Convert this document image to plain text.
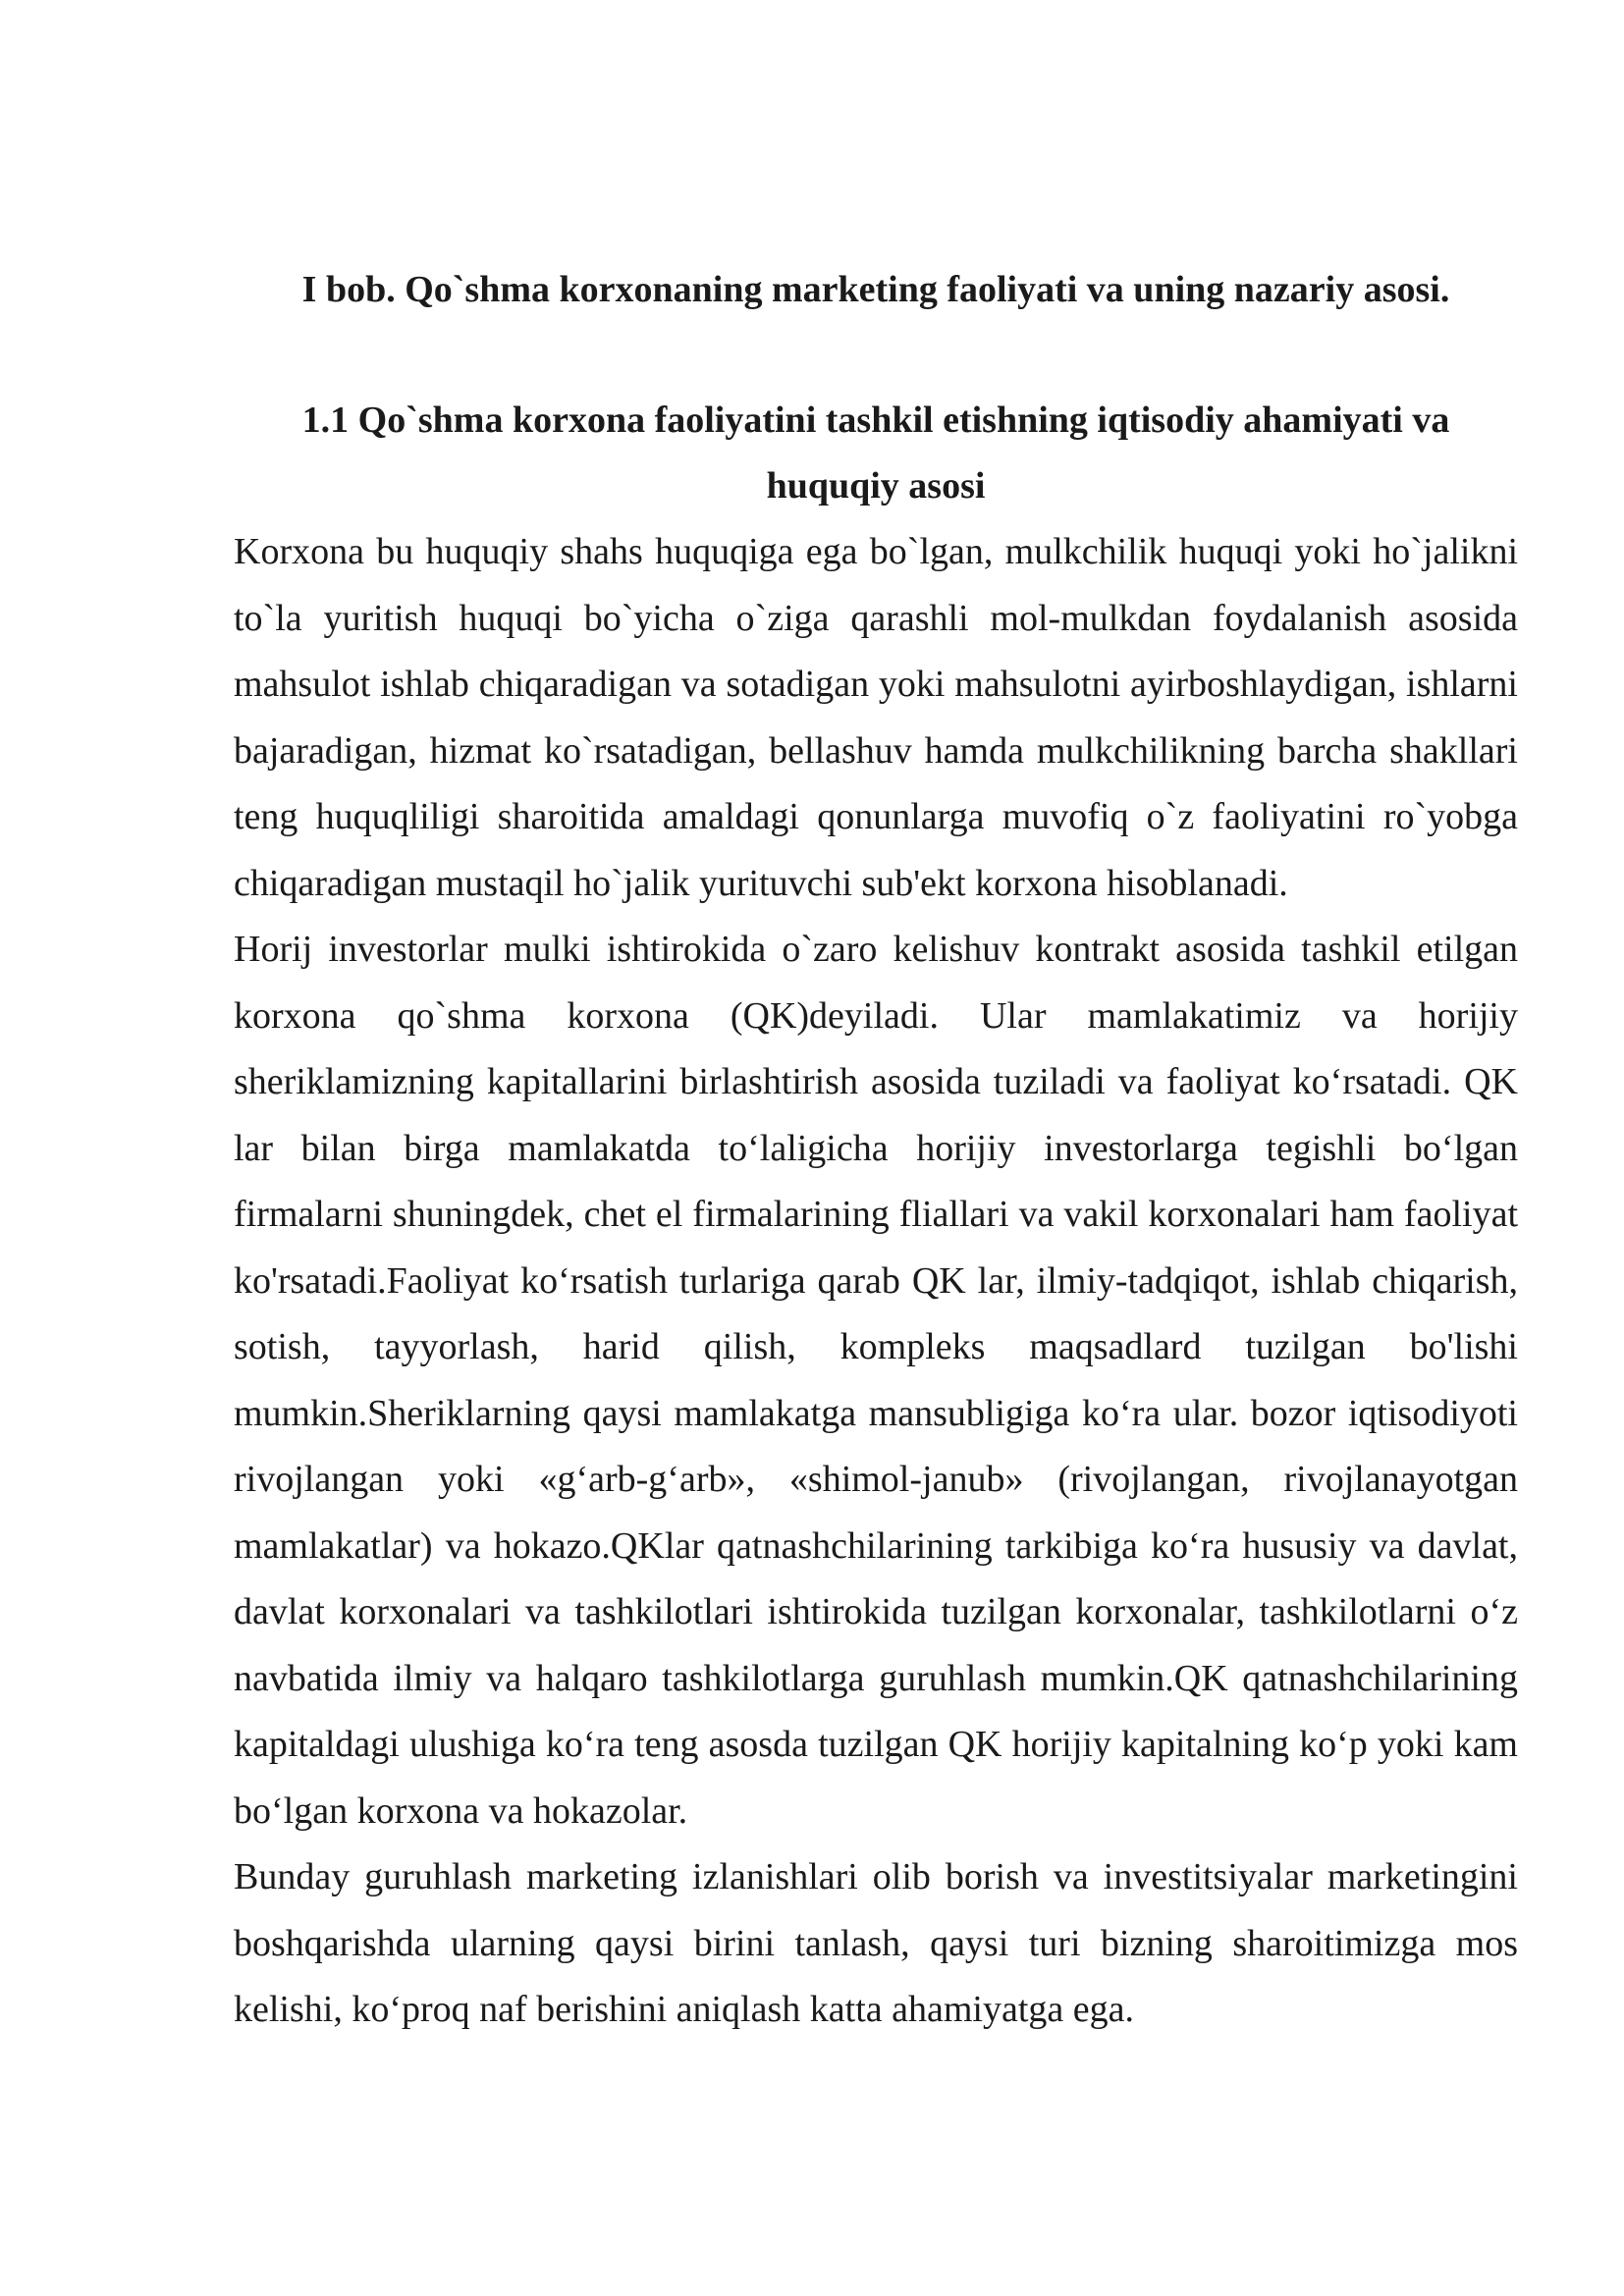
I bob. Qo`shma korxonaning marketing faoliyati va uning nazariy asosi.
1.1 Qo`shma korxona faoliyatini tashkil etishning iqtisodiy ahamiyati va
huquqiy asosi

Korxona bu huquqiy shahs huquqiga ega bo`lgan, mulkchilik huquqi yoki ho`jalikni to`la yuritish huquqi bo`yicha o`ziga qarashli mol-mulkdan foydalanish asosida mahsulot ishlab chiqaradigan va sotadigan yoki mahsulotni ayirboshlaydigan, ishlarni bajaradigan, hizmat ko`rsatadigan, bellashuv hamda mulkchilikning barcha shakllari teng huquqliligi sharoitida amaldagi qonunlarga muvofiq o`z faoliyatini ro`yobga chiqaradigan mustaqil ho`jalik yurituvchi sub'ekt korxona hisoblanadi.

Horij investorlar mulki ishtirokida o`zaro kelishuv kontrakt asosida tashkil etilgan korxona qo`shma korxona (QK)deyiladi. Ular mamlakatimiz va horijiy sheriklamizning kapitallarini birlashtirish asosida tuziladi va faoliyat ko‘rsatadi. QK lar bilan birga mamlakatda to‘laligicha horijiy investorlarga tegishli bo‘lgan firmalarni shuningdek, chet el firmalarining fliallari va vakil korxonalari ham faoliyat ko'rsatadi.Faoliyat ko‘rsatish turlariga qarab QK lar, ilmiy-tadqiqot, ishlab chiqarish, sotish, tayyorlash, harid qilish, kompleks maqsadlard tuzilgan bo'lishi mumkin.Sheriklarning qaysi mamlakatga mansubligiga ko‘ra ular. bozor iqtisodiyoti rivojlangan yoki «g‘arb-g‘arb», «shimol-janub» (rivojlangan, rivojlanayotgan mamlakatlar) va hokazo.QKlar qatnashchilarining tarkibiga ko‘ra hususiy va davlat, davlat korxonalari va tashkilotlari ishtirokida tuzilgan korxonalar, tashkilotlarni o‘z navbatida ilmiy va halqaro tashkilotlarga guruhlash mumkin.QK qatnashchilarining kapitaldagi ulushiga ko‘ra teng asosda tuzilgan QK horijiy kapitalning ko‘p yoki kam bo‘lgan korxona va hokazolar.

Bunday guruhlash marketing izlanishlari olib borish va investitsiyalar marketingini boshqarishda ularning qaysi birini tanlash, qaysi turi bizning sharoitimizga mos kelishi, ko‘proq naf berishini aniqlash katta ahamiyatga ega.
